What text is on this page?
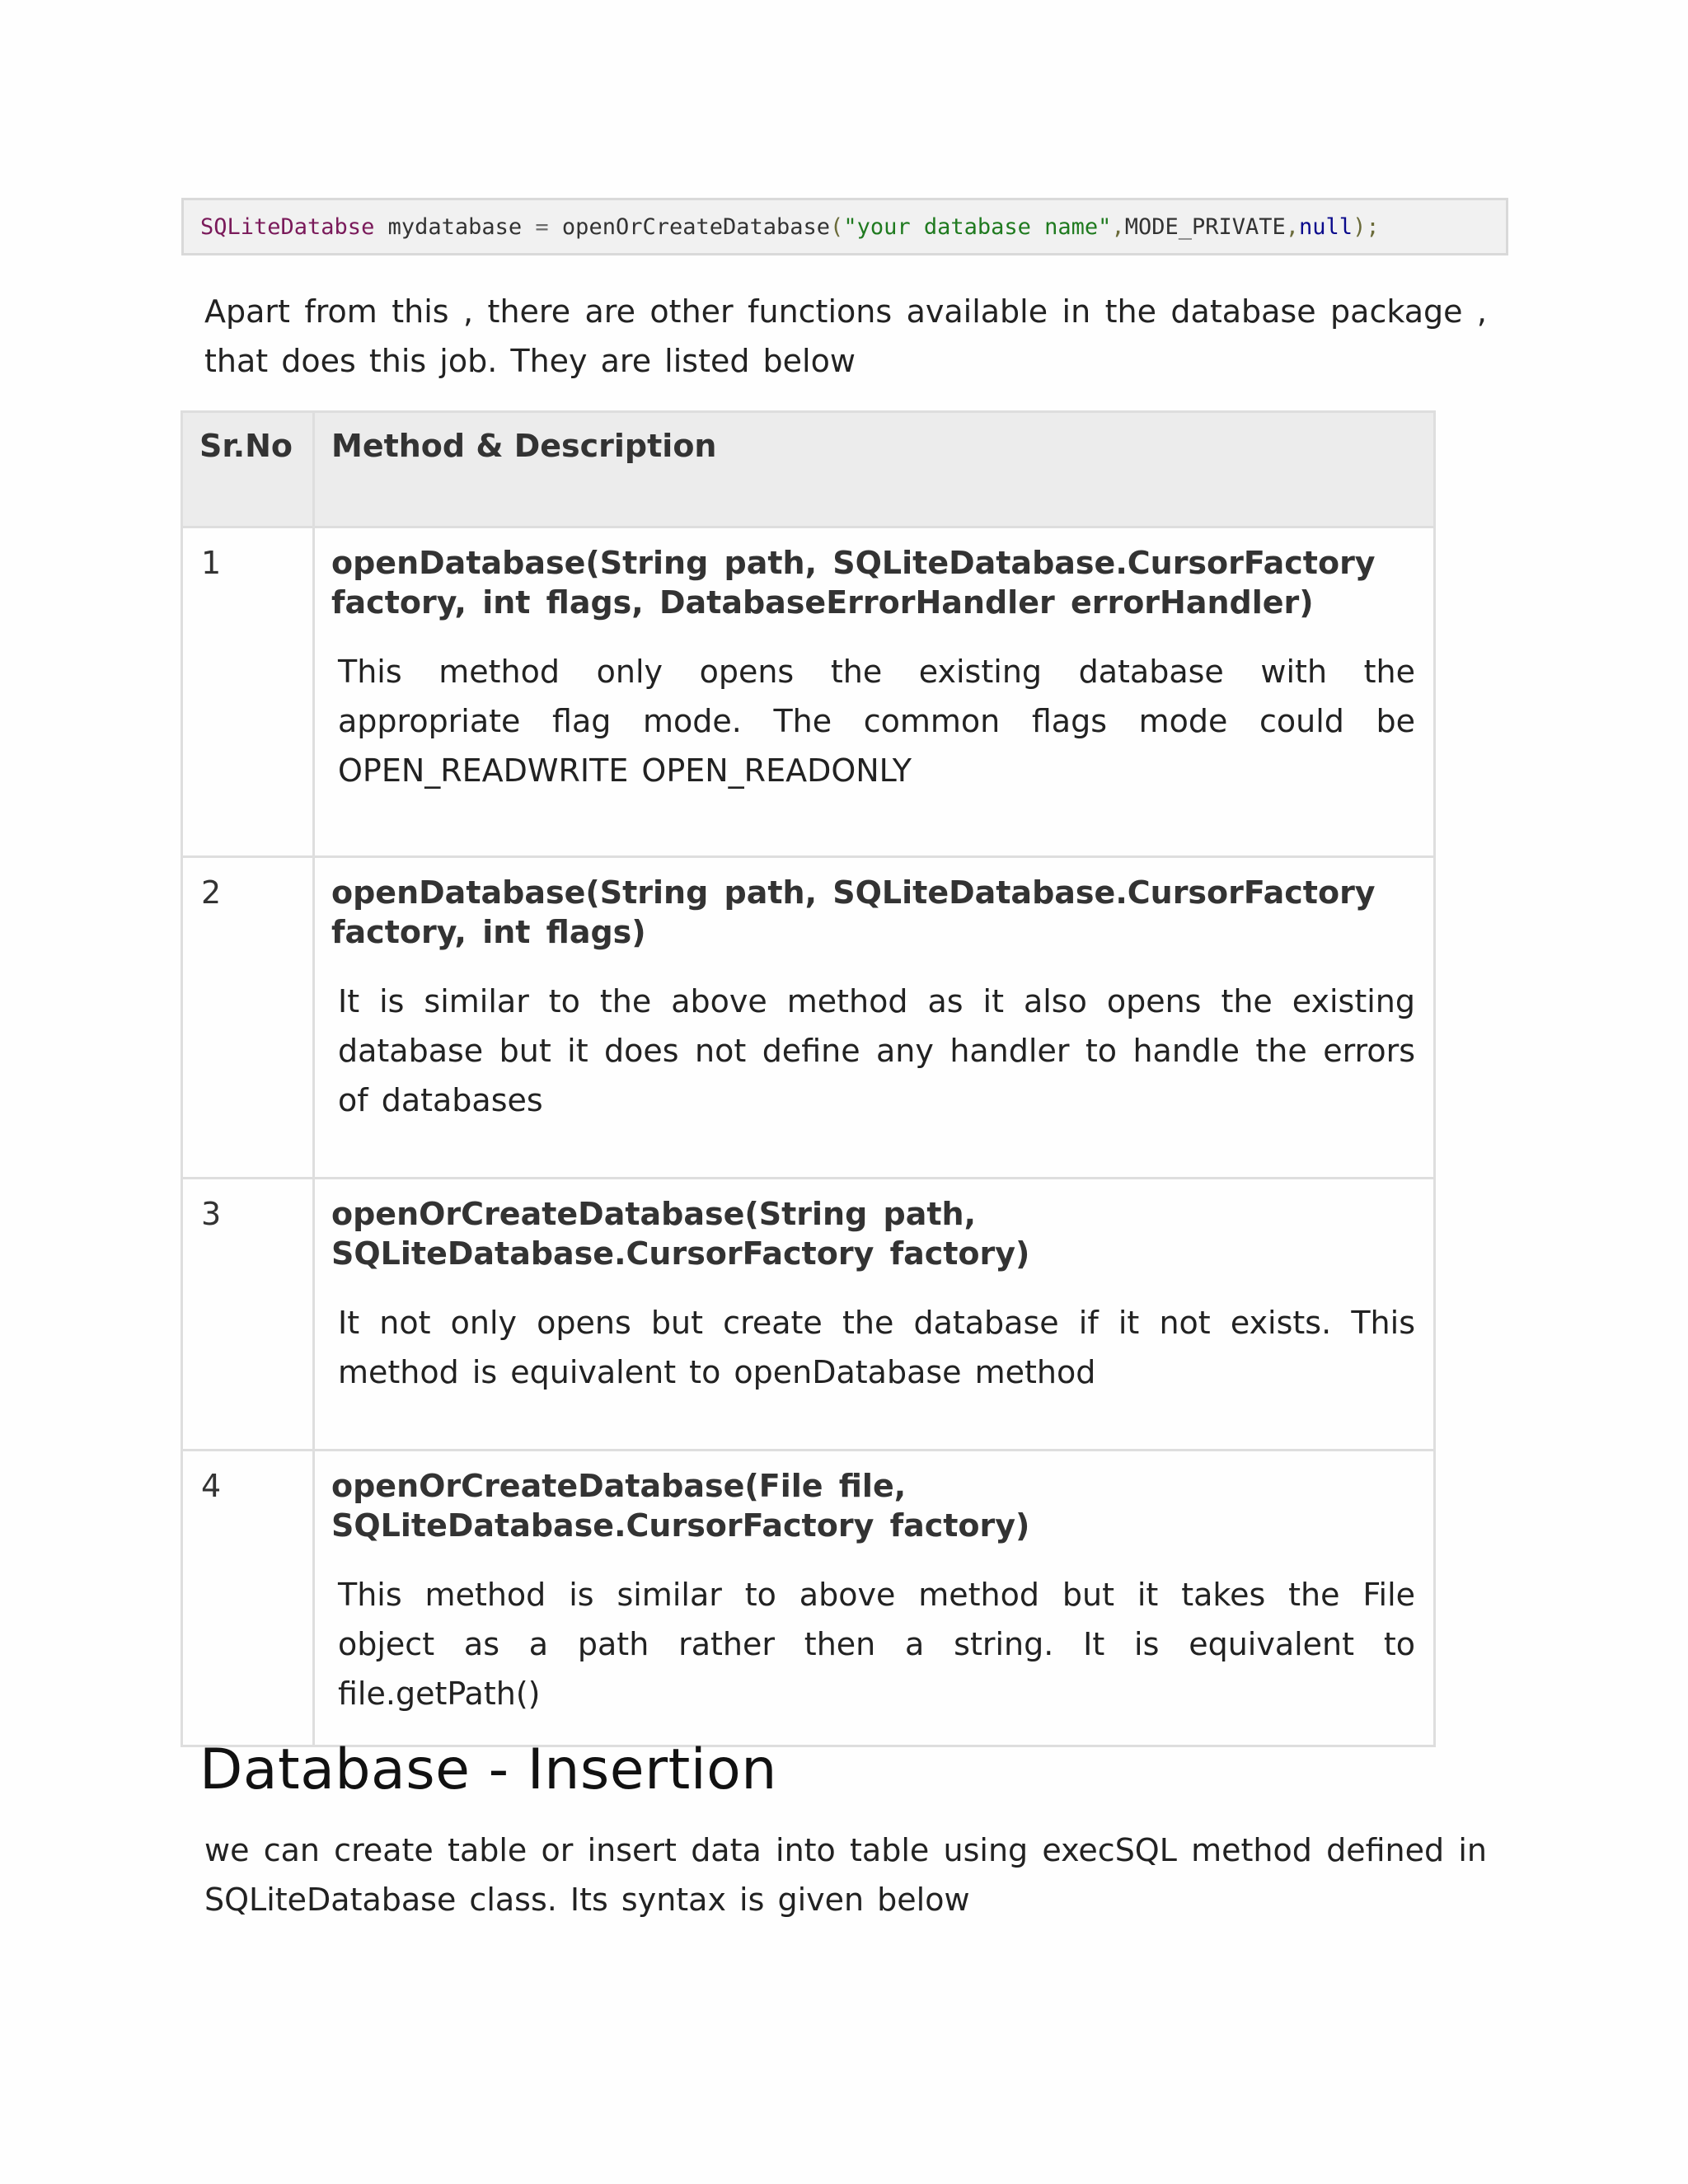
SQLiteDatabse mydatabase = openOrCreateDatabase ( "your database name" , MODE_PRIVATE , null );

Apart from this , there are other functions available in the database package , that does this job. They are listed below

Sr.No	Method & Description
1	openDatabase(String path, SQLiteDatabase.CursorFactory factory, int flags, DatabaseErrorHandler errorHandler)

This method only opens the existing database with the appropriate flag mode. The common flags mode could be OPEN_READWRITE OPEN_READONLY

2	openDatabase(String path, SQLiteDatabase.CursorFactory factory, int flags)

It is similar to the above method as it also opens the existing database but it does not define any handler to handle the errors of databases

3	openOrCreateDatabase(String path, SQLiteDatabase.CursorFactory factory)

It not only opens but create the database if it not exists. This method is equivalent to openDatabase method

4	openOrCreateDatabase(File file, SQLiteDatabase.CursorFactory factory)

This method is similar to above method but it takes the File object as a path rather then a string. It is equivalent to file.getPath()

Database - Insertion

we can create table or insert data into table using execSQL method defined in SQLiteDatabase class. Its syntax is given below
